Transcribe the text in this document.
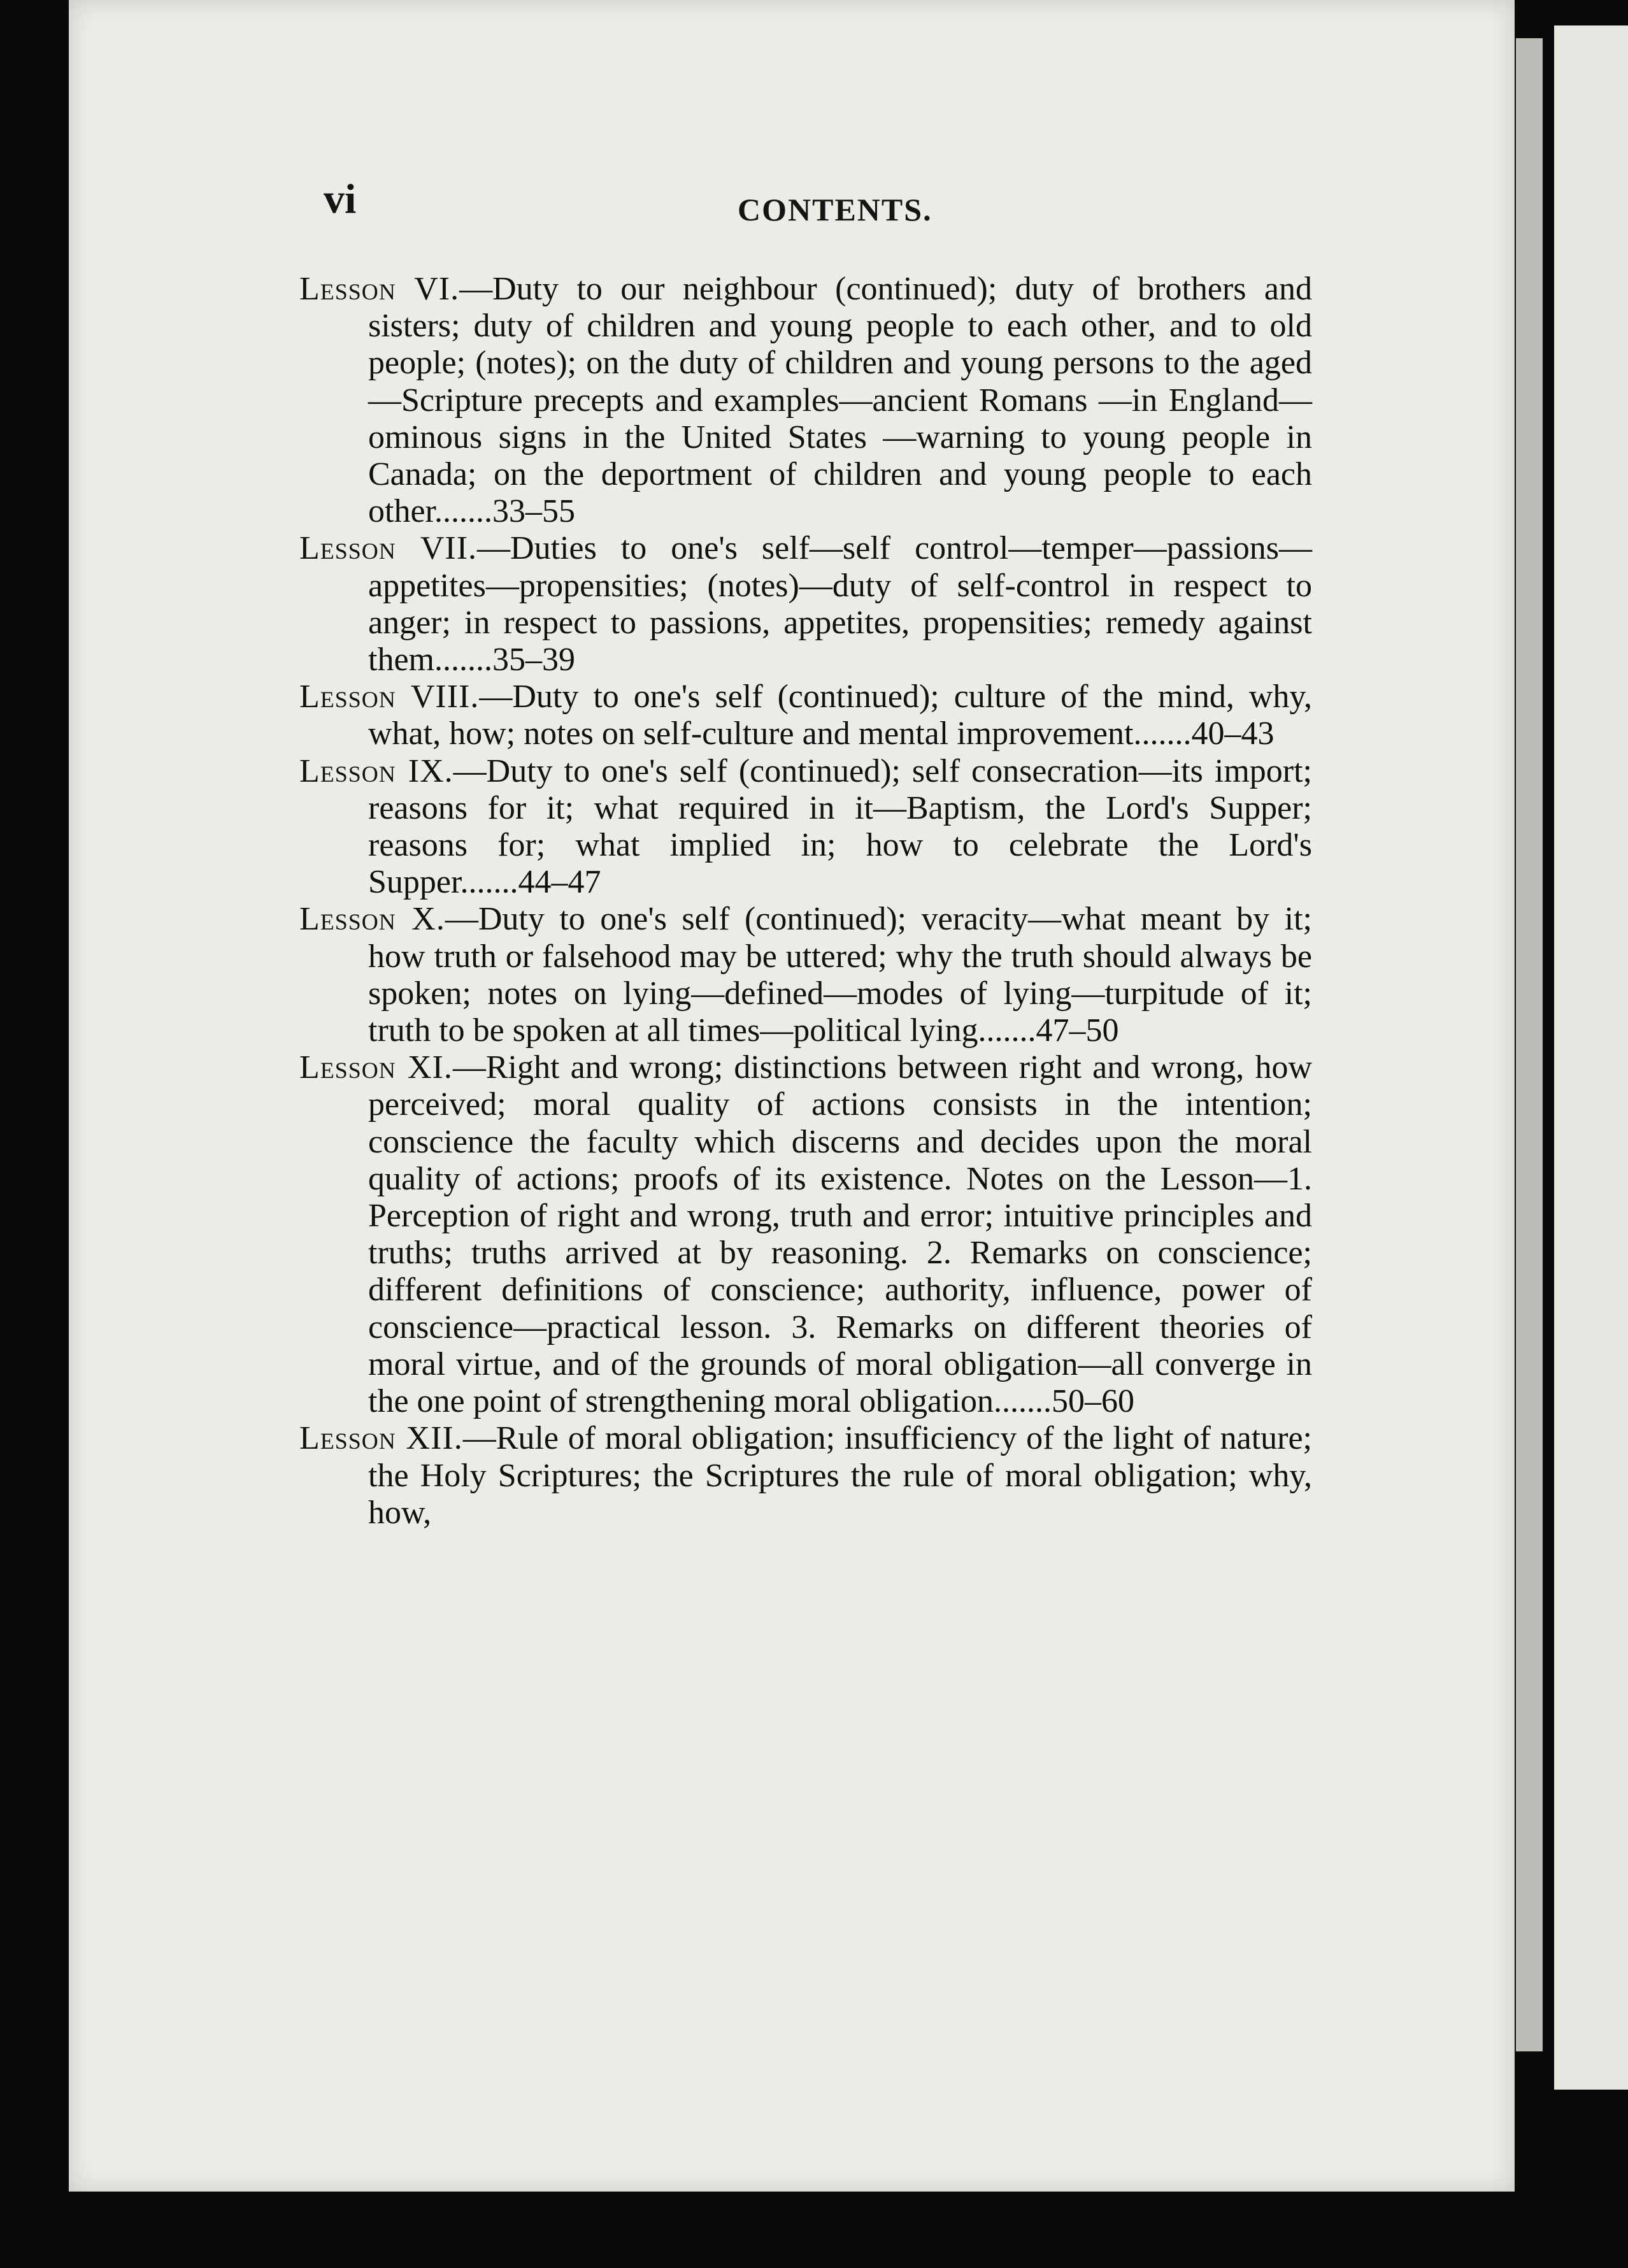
vi	CONTENTS.
Lesson VI.—Duty to our neighbour (continued); duty of brothers and sisters; duty of children and young people to each other, and to old people; (notes); on the duty of children and young persons to the aged—Scripture precepts and examples—ancient Romans —in England—ominous signs in the United States —warning to young people in Canada; on the deportment of children and young people to each other.......33–55
Lesson VII.—Duties to one's self—self control—temper—passions—appetites—propensities; (notes)—duty of self-control in respect to anger; in respect to passions, appetites, propensities; remedy against them.......35–39
Lesson VIII.—Duty to one's self (continued); culture of the mind, why, what, how; notes on self-culture and mental improvement.......40–43
Lesson IX.—Duty to one's self (continued); self consecration—its import; reasons for it; what required in it—Baptism, the Lord's Supper; reasons for; what implied in; how to celebrate the Lord's Supper.......44–47
Lesson X.—Duty to one's self (continued); veracity—what meant by it; how truth or falsehood may be uttered; why the truth should always be spoken; notes on lying—defined—modes of lying—turpitude of it; truth to be spoken at all times—political lying.......47–50
Lesson XI.—Right and wrong; distinctions between right and wrong, how perceived; moral quality of actions consists in the intention; conscience the faculty which discerns and decides upon the moral quality of actions; proofs of its existence. Notes on the Lesson—1. Perception of right and wrong, truth and error; intuitive principles and truths; truths arrived at by reasoning. 2. Remarks on conscience; different definitions of conscience; authority, influence, power of conscience—practical lesson. 3. Remarks on different theories of moral virtue, and of the grounds of moral obligation—all converge in the one point of strengthening moral obligation.......50–60
Lesson XII.—Rule of moral obligation; insufficiency of the light of nature; the Holy Scriptures; the Scriptures the rule of moral obligation; why, how,
